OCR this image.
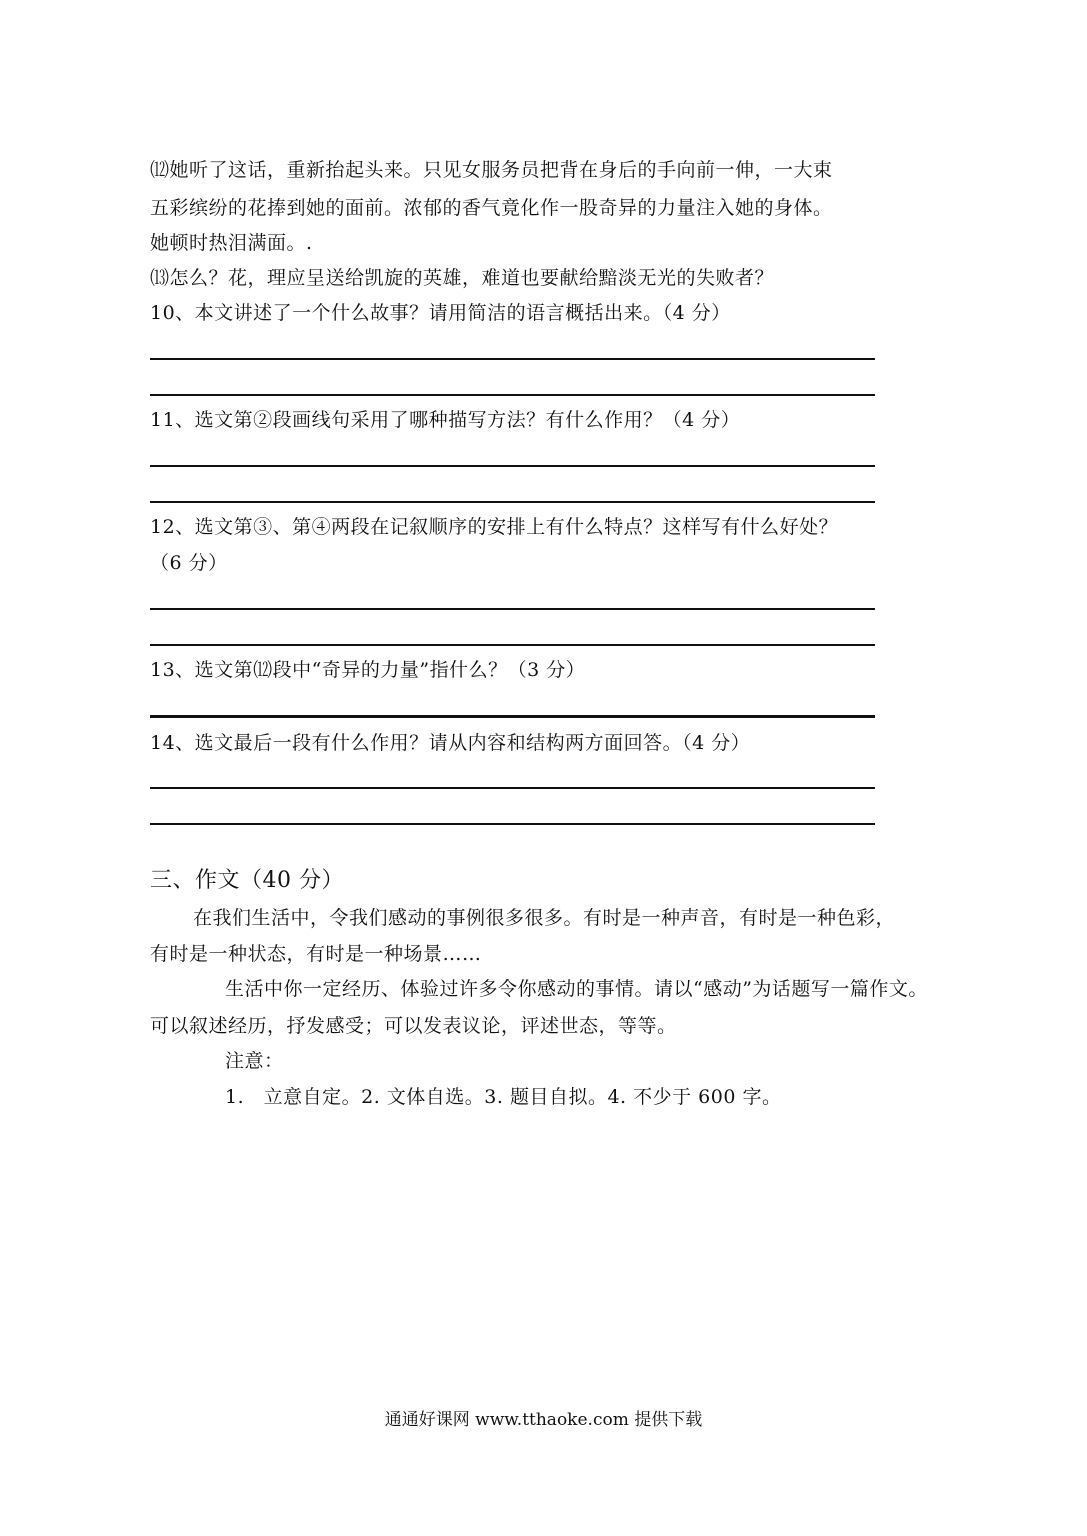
⑿她听了这话，重新抬起头来。只见女服务员把背在身后的手向前一伸，一大束
五彩缤纷的花捧到她的面前。浓郁的香气竟化作一股奇异的力量注入她的身体。
她顿时热泪满面。.
⒀怎么？花，理应呈送给凯旋的英雄，难道也要献给黯淡无光的失败者？
10、本文讲述了一个什么故事？请用简洁的语言概括出来。（4 分）
11、选文第②段画线句采用了哪种描写方法？有什么作用？（4 分）
12、选文第③、第④两段在记叙顺序的安排上有什么特点？这样写有什么好处？
（6 分）
13、选文第⑿段中“奇异的力量”指什么？（3 分）
14、选文最后一段有什么作用？请从内容和结构两方面回答。（4 分）
三、作文（40 分）
在我们生活中，令我们感动的事例很多很多。有时是一种声音，有时是一种色彩，
有时是一种状态，有时是一种场景……
生活中你一定经历、体验过许多令你感动的事情。请以“感动”为话题写一篇作文。
可以叙述经历，抒发感受；可以发表议论，评述世态，等等。
注意：
1.　立意自定。2. 文体自选。3. 题目自拟。4. 不少于 600 字。
通通好课网 www.tthaoke.com 提供下载
